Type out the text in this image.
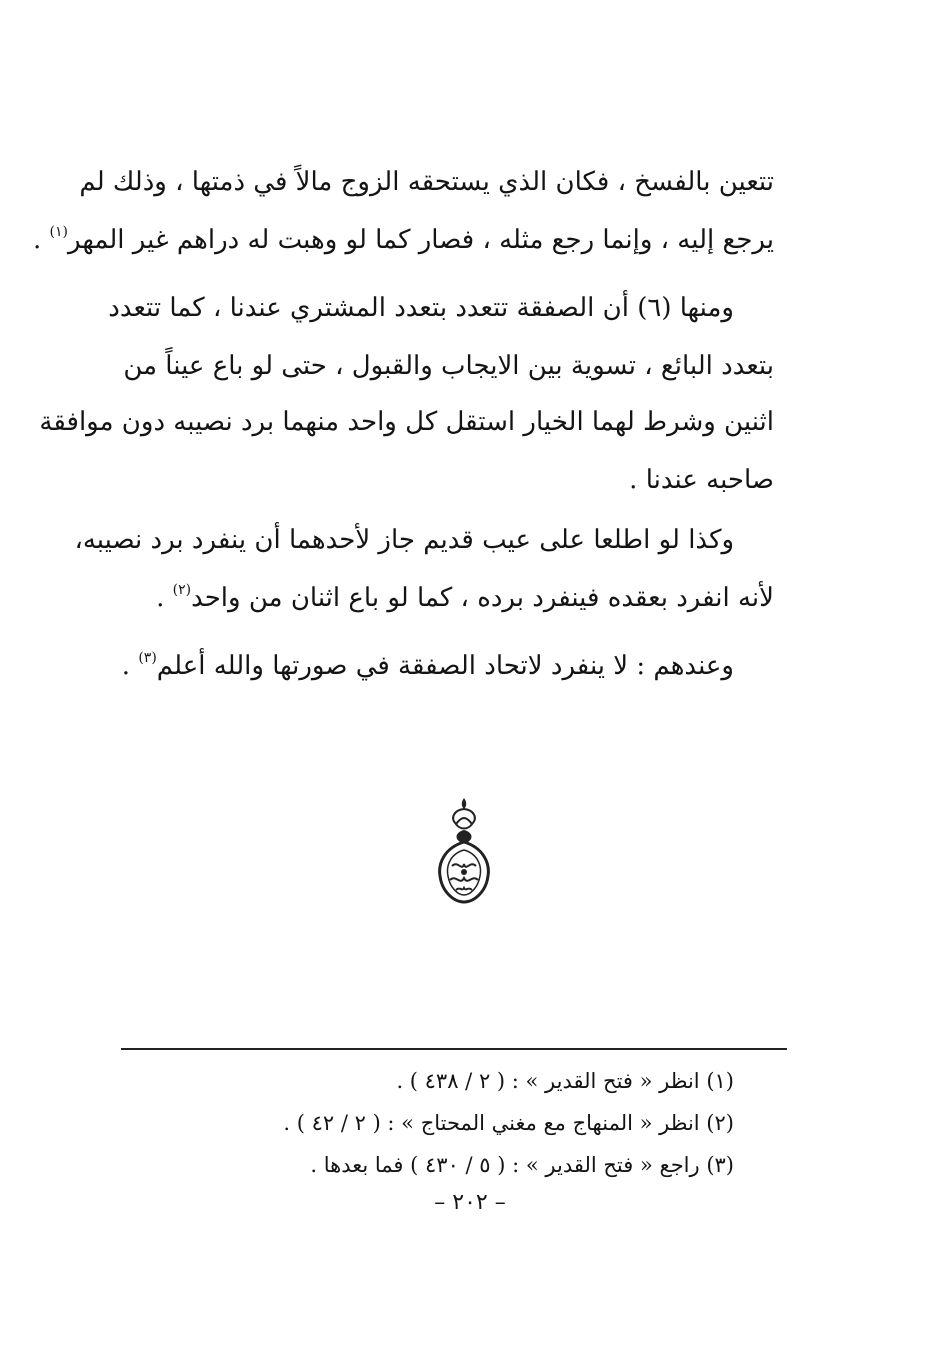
تتعين بالفسخ ، فكان الذي يستحقه الزوج مالاً في ذمتها ، وذلك لم
يرجع إليه ، وإنما رجع مثله ، فصار كما لو وهبت له دراهم غير المهر$^{(١)}$ .
ومنها (٦) أن الصفقة تتعدد بتعدد المشتري عندنا ، كما تتعدد
بتعدد البائع ، تسوية بين الايجاب والقبول ، حتى لو باع عيناً من
اثنين وشرط لهما الخيار استقل كل واحد منهما برد نصيبه دون موافقة
صاحبه عندنا .
وكذا لو اطلعا على عيب قديم جاز لأحدهما أن ينفرد برد نصيبه،
لأنه انفرد بعقده فينفرد برده ، كما لو باع اثنان من واحد$^{(٢)}$ .
وعندهم : لا ينفرد لاتحاد الصفقة في صورتها والله أعلم$^{(٣)}$ .
(١) انظر « فتح القدير » : ( ٢ / ٤٣٨ ) .
(٢) انظر « المنهاج مع مغني المحتاج » : ( ٢ / ٤٢ ) .
(٣) راجع « فتح القدير » : ( ٥ / ٤٣٠ ) فما بعدها .
– ٢٠٢ –
